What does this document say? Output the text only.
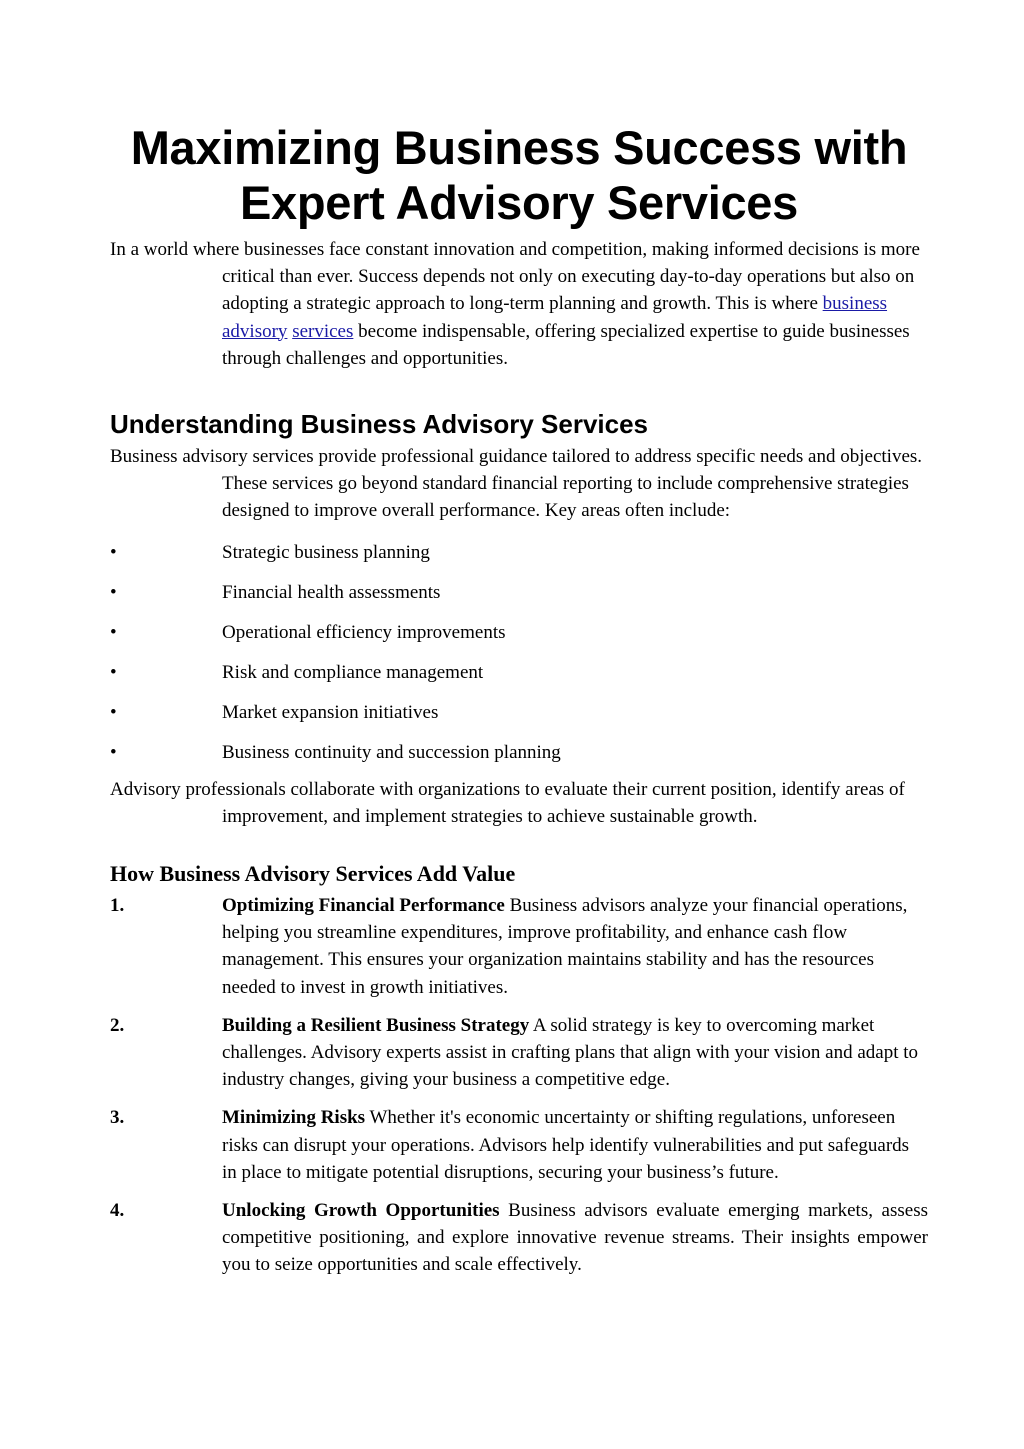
Maximizing Business Success with Expert Advisory Services

In a world where businesses face constant innovation and competition, making informed decisions is more critical than ever. Success depends not only on executing day-to-day operations but also on adopting a strategic approach to long-term planning and growth. This is where business advisory services become indispensable, offering specialized expertise to guide businesses through challenges and opportunities.

Understanding Business Advisory Services

Business advisory services provide professional guidance tailored to address specific needs and objectives. These services go beyond standard financial reporting to include comprehensive strategies designed to improve overall performance. Key areas often include:

•	Strategic business planning
•	Financial health assessments
•	Operational efficiency improvements
•	Risk and compliance management
•	Market expansion initiatives
•	Business continuity and succession planning

Advisory professionals collaborate with organizations to evaluate their current position, identify areas of improvement, and implement strategies to achieve sustainable growth.

How Business Advisory Services Add Value
1.	Optimizing Financial Performance Business advisors analyze your financial operations, helping you streamline expenditures, improve profitability, and enhance cash flow management. This ensures your organization maintains stability and has the resources needed to invest in growth initiatives.
2.	Building a Resilient Business Strategy A solid strategy is key to overcoming market challenges. Advisory experts assist in crafting plans that align with your vision and adapt to industry changes, giving your business a competitive edge.
3.	Minimizing Risks Whether it's economic uncertainty or shifting regulations, unforeseen risks can disrupt your operations. Advisors help identify vulnerabilities and put safeguards in place to mitigate potential disruptions, securing your business’s future.
4.	Unlocking Growth Opportunities Business advisors evaluate emerging markets, assess competitive positioning, and explore innovative revenue streams. Their insights empower you to seize opportunities and scale effectively.
